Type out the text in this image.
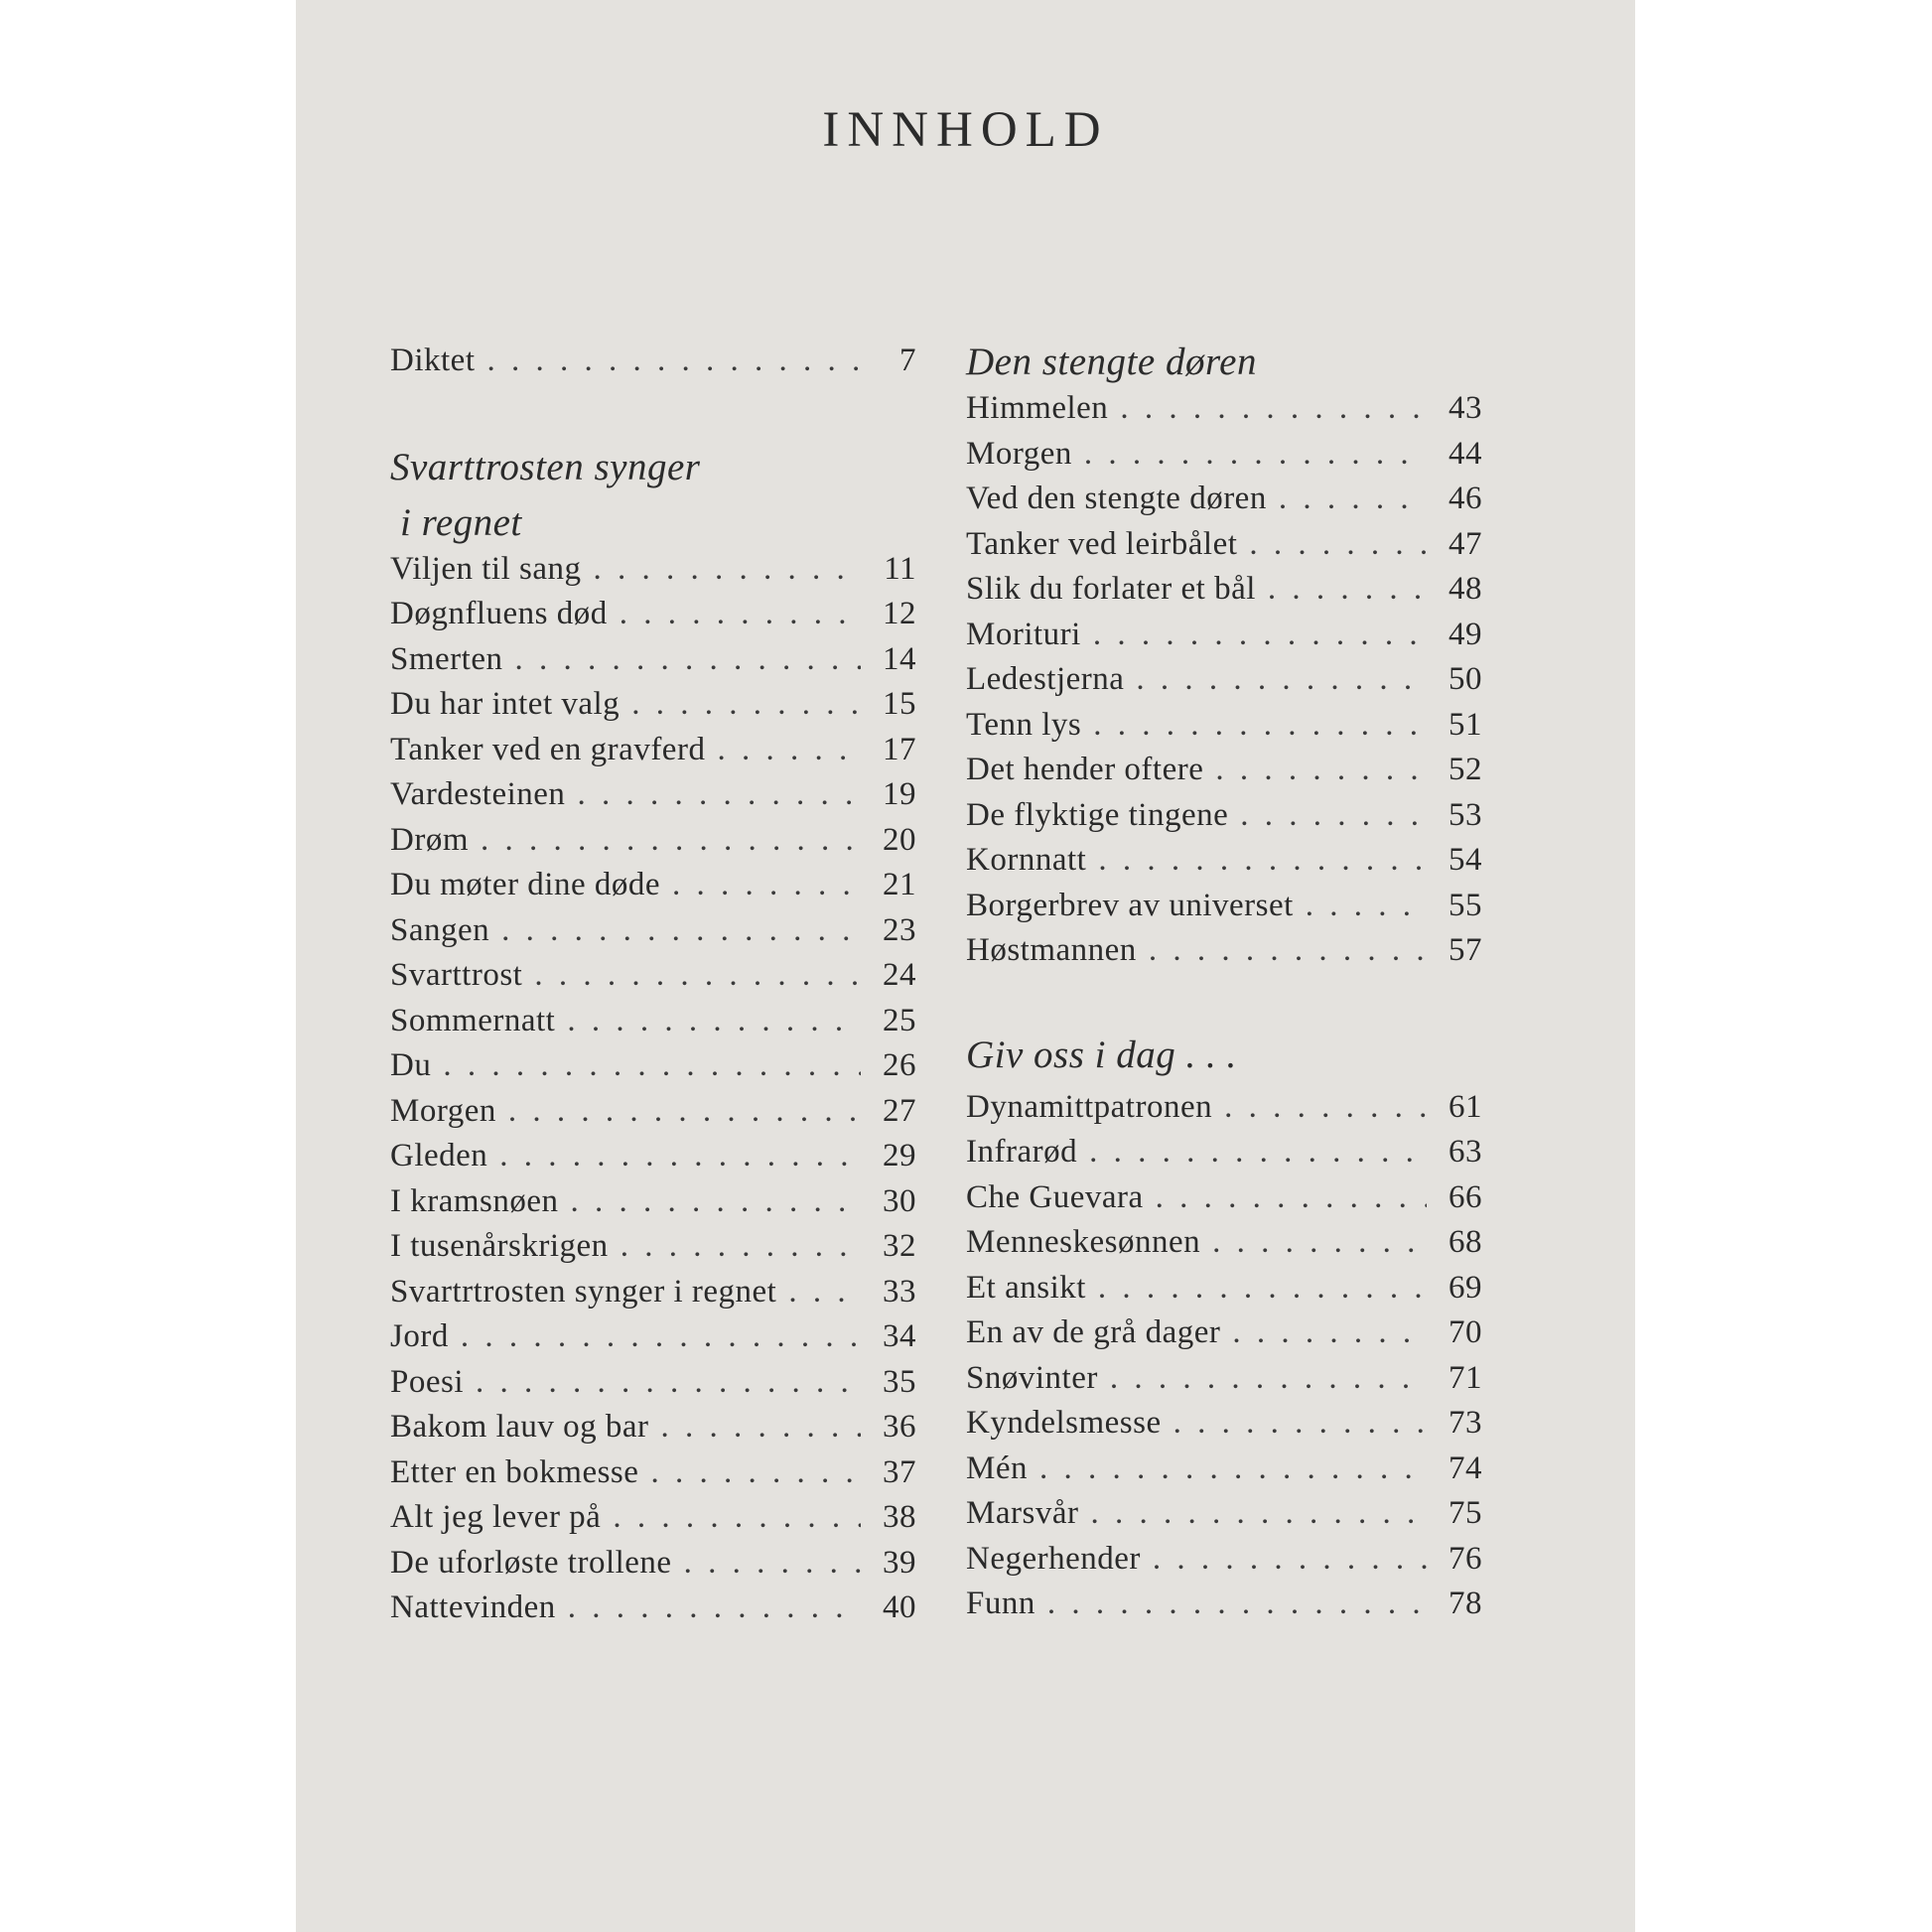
INNHOLD
Diktet . . .	7
Svarttrosten synger
i regnet
Viljen til sang . . .	11
Døgnfluens død . . .	12
Smerten . . .	14
Du har intet valg . . .	15
Tanker ved en gravferd . . .	17
Vardesteinen . . .	19
Drøm . . .	20
Du møter dine døde . . .	21
Sangen . . .	23
Svarttrost . . .	24
Sommernatt . . .	25
Du . . .	26
Morgen . . .	27
Gleden . . .	29
I kramsnøen . . .	30
I tusenårskrigen . . .	32
Svartrtrosten synger i regnet . . .	33
Jord . . .	34
Poesi . . .	35
Bakom lauv og bar . . .	36
Etter en bokmesse . . .	37
Alt jeg lever på . . .	38
De uforløste trollene . . .	39
Nattevinden . . .	40
Den stengte døren
Himmelen . . .	43
Morgen . . .	44
Ved den stengte døren . . .	46
Tanker ved leirbålet . . .	47
Slik du forlater et bål . . .	48
Morituri . . .	49
Ledestjerna . . .	50
Tenn lys . . .	51
Det hender oftere . . .	52
De flyktige tingene . . .	53
Kornnatt . . .	54
Borgerbrev av universet . . .	55
Høstmannen . . .	57
Giv oss i dag . . .
Dynamittpatronen . . .	61
Infrarød . . .	63
Che Guevara . . .	66
Menneskesønnen . . .	68
Et ansikt . . .	69
En av de grå dager . . .	70
Snøvinter . . .	71
Kyndelsmesse . . .	73
Mén . . .	74
Marsvår . . .	75
Negerhender . . .	76
Funn . . .	78
